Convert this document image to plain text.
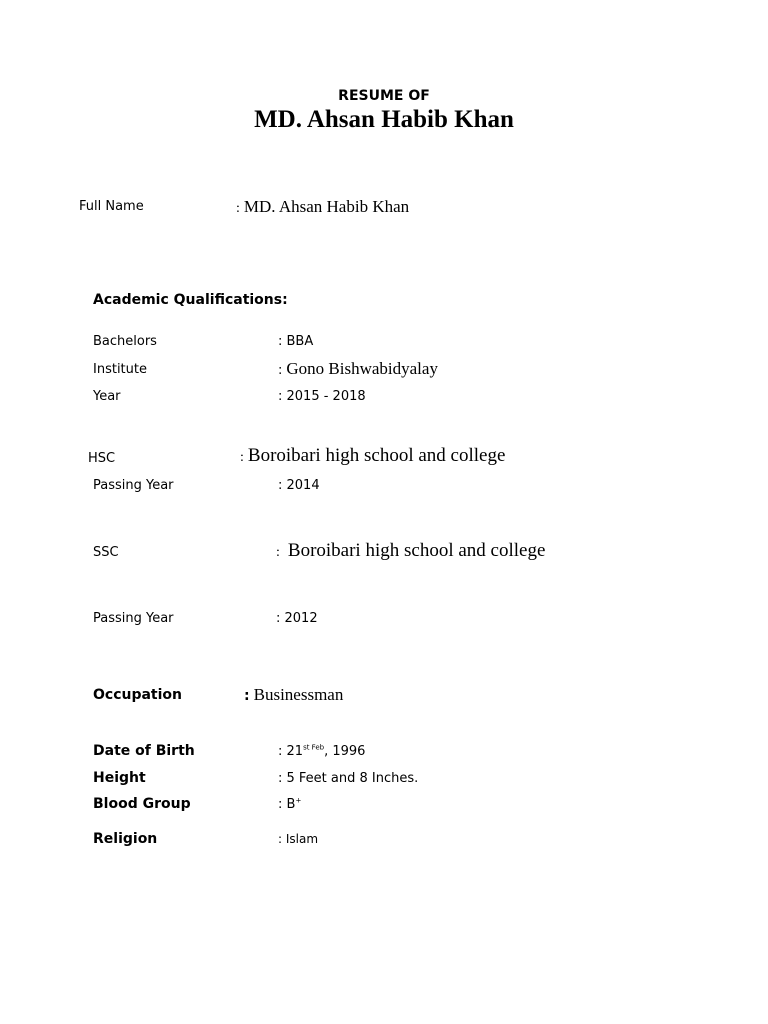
RESUME OF
MD. Ahsan Habib Khan
Full Name	: MD. Ahsan Habib Khan
Academic Qualifications:
Bachelors	: BBA
Institute	: Gono Bishwabidyalay
Year	: 2015 - 2018
HSC	: Boroibari high school and college
Passing Year	: 2014
SSC	: Boroibari high school and college
Passing Year	: 2012
Occupation	: Businessman
Date of Birth	: $21^{st Feb}$, 1996
Height	: 5 Feet and 8 Inches.
Blood Group	: B+
Religion	: Islam
